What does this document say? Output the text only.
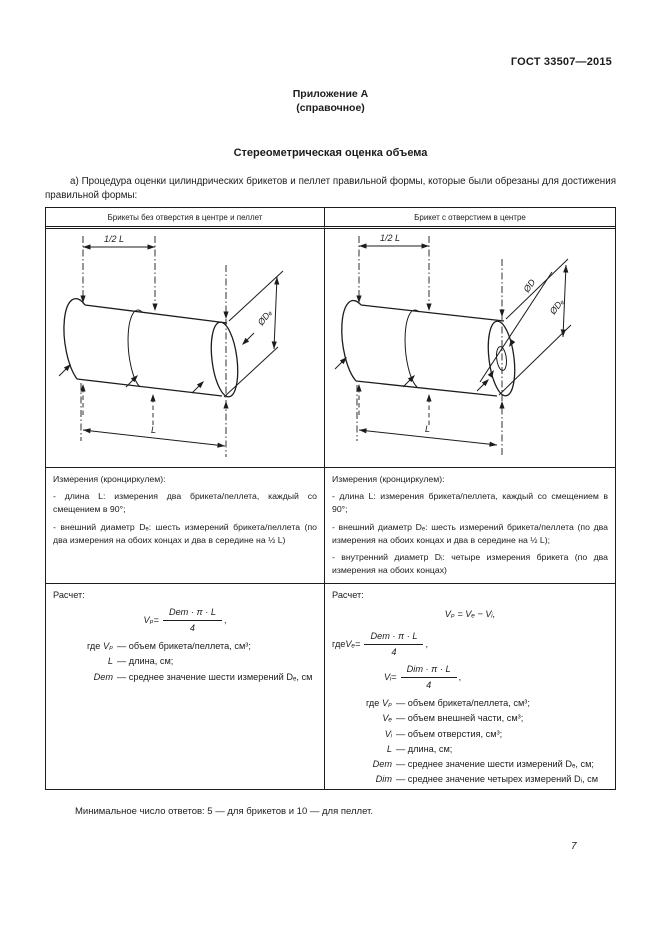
ГОСТ 33507—2015
Приложение А
(справочное)
Стереометрическая оценка объема
а) Процедура оценки цилиндрических брикетов и пеллет правильной формы, которые были обрезаны для достижения правильной формы:
Брикеты без отверстия в центре и пеллет	Брикет с отверстием в центре
1/2 L
L
ØDₑ
1/2 L
L
ØD
ØDₑ

Измерения (кронциркулем):

- длина L: измерения два брикета/пеллета, каждый со смещением в 90°;

- внешний диаметр Dₑ: шесть измерений брикета/пеллета (по два измерения на обоих концах и два в середине на ½ L)

Измерения (кронциркулем):

- длина L: измерения брикета/пеллета, каждый со смещением в 90°;

- внешний диаметр Dₑ: шесть измерений брикета/пеллета (по два измерения на обоих концах и два в середине на ½ L);

- внутренний диаметр Dᵢ: четыре измерения брикета (по два измерения на обоих концах)

Расчет:

$V_p = \frac{\text{Dem · π · L}}{4}$ ,
где Vₚ — объем брикета/пеллета, см³;
L — длина, см;
Dem — среднее значение шести измерений Dₑ, см

Расчет:

Vₚ = Vₑ − Vᵢ,
где $V_e = \frac{\text{Dem · π · L}}{4}$ ,
Vᵢ = $\frac{\text{Dim · π · L}}{4}$ ,
где Vₚ — объем брикета/пеллета, см³;
Vₑ — объем внешней части, см³;
Vᵢ — объем отверстия, см³;
L — длина, см;
Dem — среднее значение шести измерений Dₑ, см;
Dim — среднее значение четырех измерений Dᵢ, см
Минимальное число ответов: 5 — для брикетов и 10 — для пеллет.
7
